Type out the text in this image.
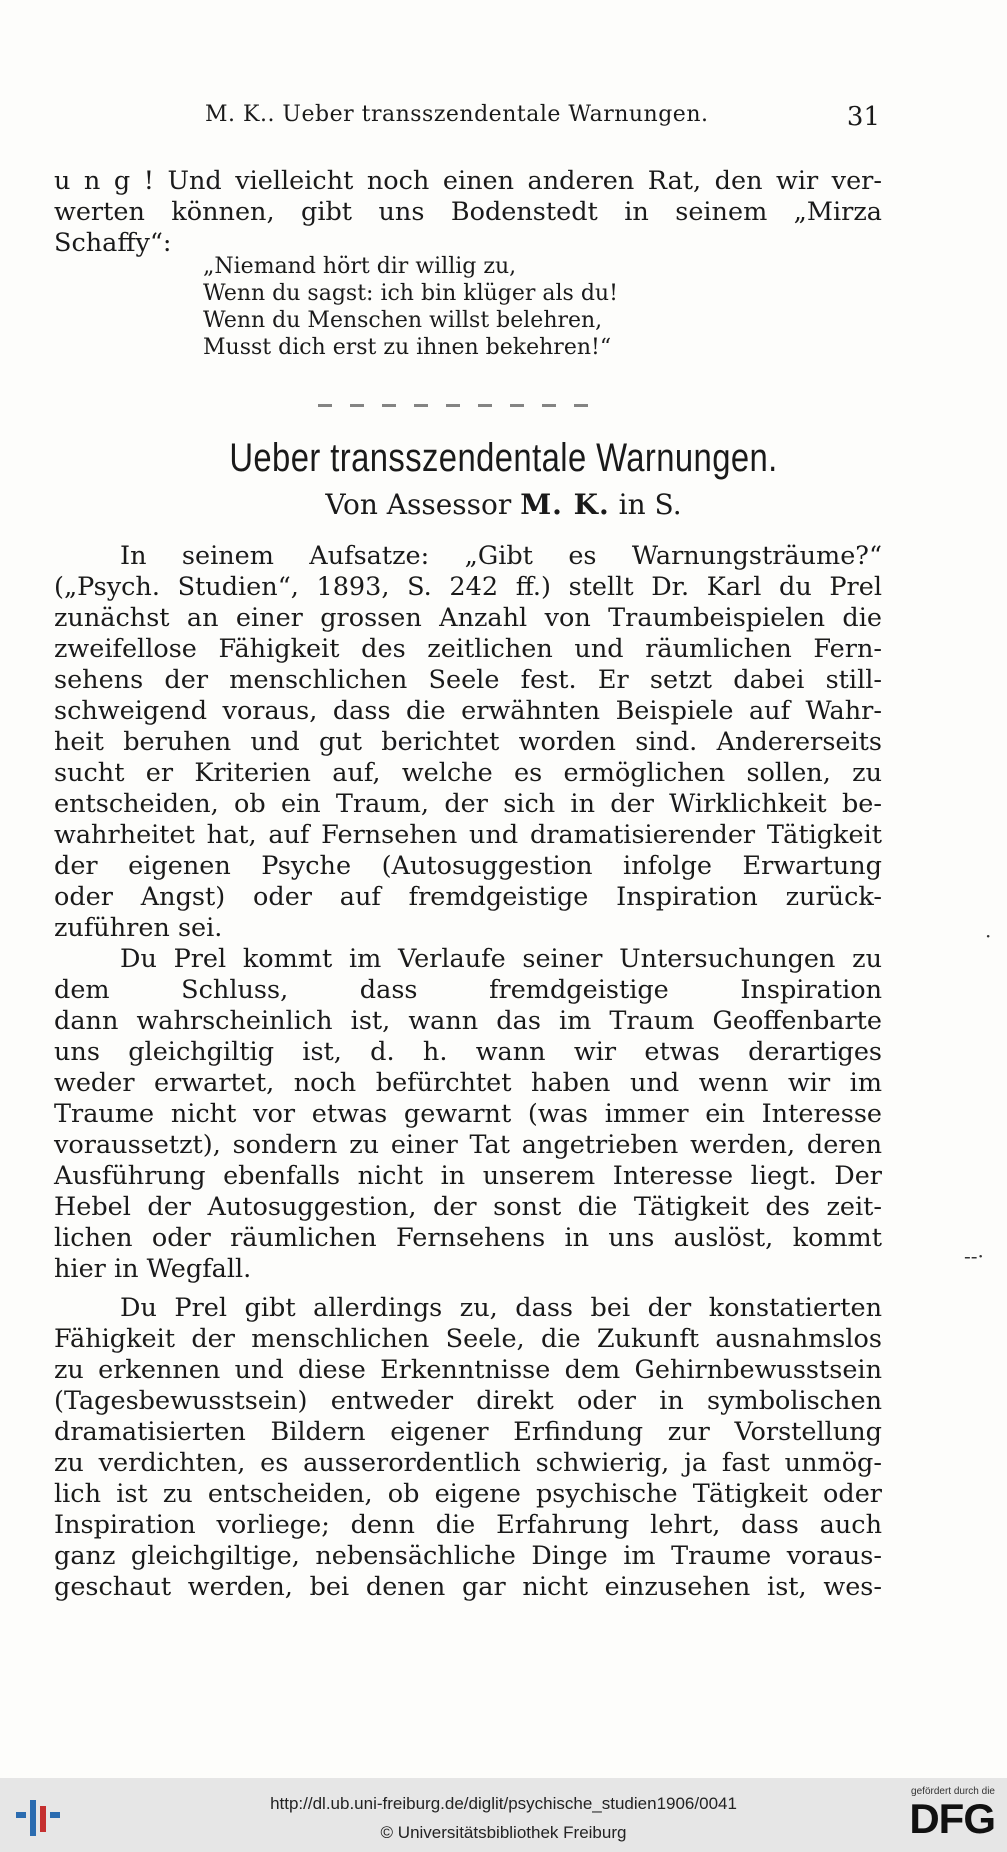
M. K.. Ueber transszendentale Warnungen.	31
u n g ! Und vielleicht noch einen anderen Rat, den wir ver-
werten können, gibt uns Bodenstedt in seinem „Mirza
Schaffy“:
„Niemand hört dir willig zu,
Wenn du sagst: ich bin klüger als du!
Wenn du Menschen willst belehren,
Musst dich erst zu ihnen bekehren!“
Ueber transszendentale Warnungen.
Von Assessor M. K. in S.
In seinem Aufsatze: „Gibt es Warnungsträume?“
(„Psych. Studien“, 1893, S. 242 ff.) stellt Dr. Karl du Prel
zunächst an einer grossen Anzahl von Traumbeispielen die
zweifellose Fähigkeit des zeitlichen und räumlichen Fern-
sehens der menschlichen Seele fest. Er setzt dabei still-
schweigend voraus, dass die erwähnten Beispiele auf Wahr-
heit beruhen und gut berichtet worden sind. Andererseits
sucht er Kriterien auf, welche es ermöglichen sollen, zu
entscheiden, ob ein Traum, der sich in der Wirklichkeit be-
wahrheitet hat, auf Fernsehen und dramatisierender Tätigkeit
der eigenen Psyche (Autosuggestion infolge Erwartung
oder Angst) oder auf fremdgeistige Inspiration zurück-
zuführen sei.
Du Prel kommt im Verlaufe seiner Untersuchungen zu
dem Schluss, dass fremdgeistige Inspiration
dann wahrscheinlich ist, wann das im Traum Geoffenbarte
uns gleichgiltig ist, d. h. wann wir etwas derartiges
weder erwartet, noch befürchtet haben und wenn wir im
Traume nicht vor etwas gewarnt (was immer ein Interesse
voraussetzt), sondern zu einer Tat angetrieben werden, deren
Ausführung ebenfalls nicht in unserem Interesse liegt. Der
Hebel der Autosuggestion, der sonst die Tätigkeit des zeit-
lichen oder räumlichen Fernsehens in uns auslöst, kommt
hier in Wegfall.
Du Prel gibt allerdings zu, dass bei der konstatierten
Fähigkeit der menschlichen Seele, die Zukunft ausnahmslos
zu erkennen und diese Erkenntnisse dem Gehirnbewusstsein
(Tagesbewusstsein) entweder direkt oder in symbolischen
dramatisierten Bildern eigener Erfindung zur Vorstellung
zu verdichten, es ausserordentlich schwierig, ja fast unmög-
lich ist zu entscheiden, ob eigene psychische Tätigkeit oder
Inspiration vorliege; denn die Erfahrung lehrt, dass auch
ganz gleichgiltige, nebensächliche Dinge im Traume voraus-
geschaut werden, bei denen gar nicht einzusehen ist, wes-
·
‐‐·
http://dl.ub.uni-freiburg.de/diglit/psychische_studien1906/0041
© Universitätsbibliothek Freiburg
gefördert durch die
DFG
